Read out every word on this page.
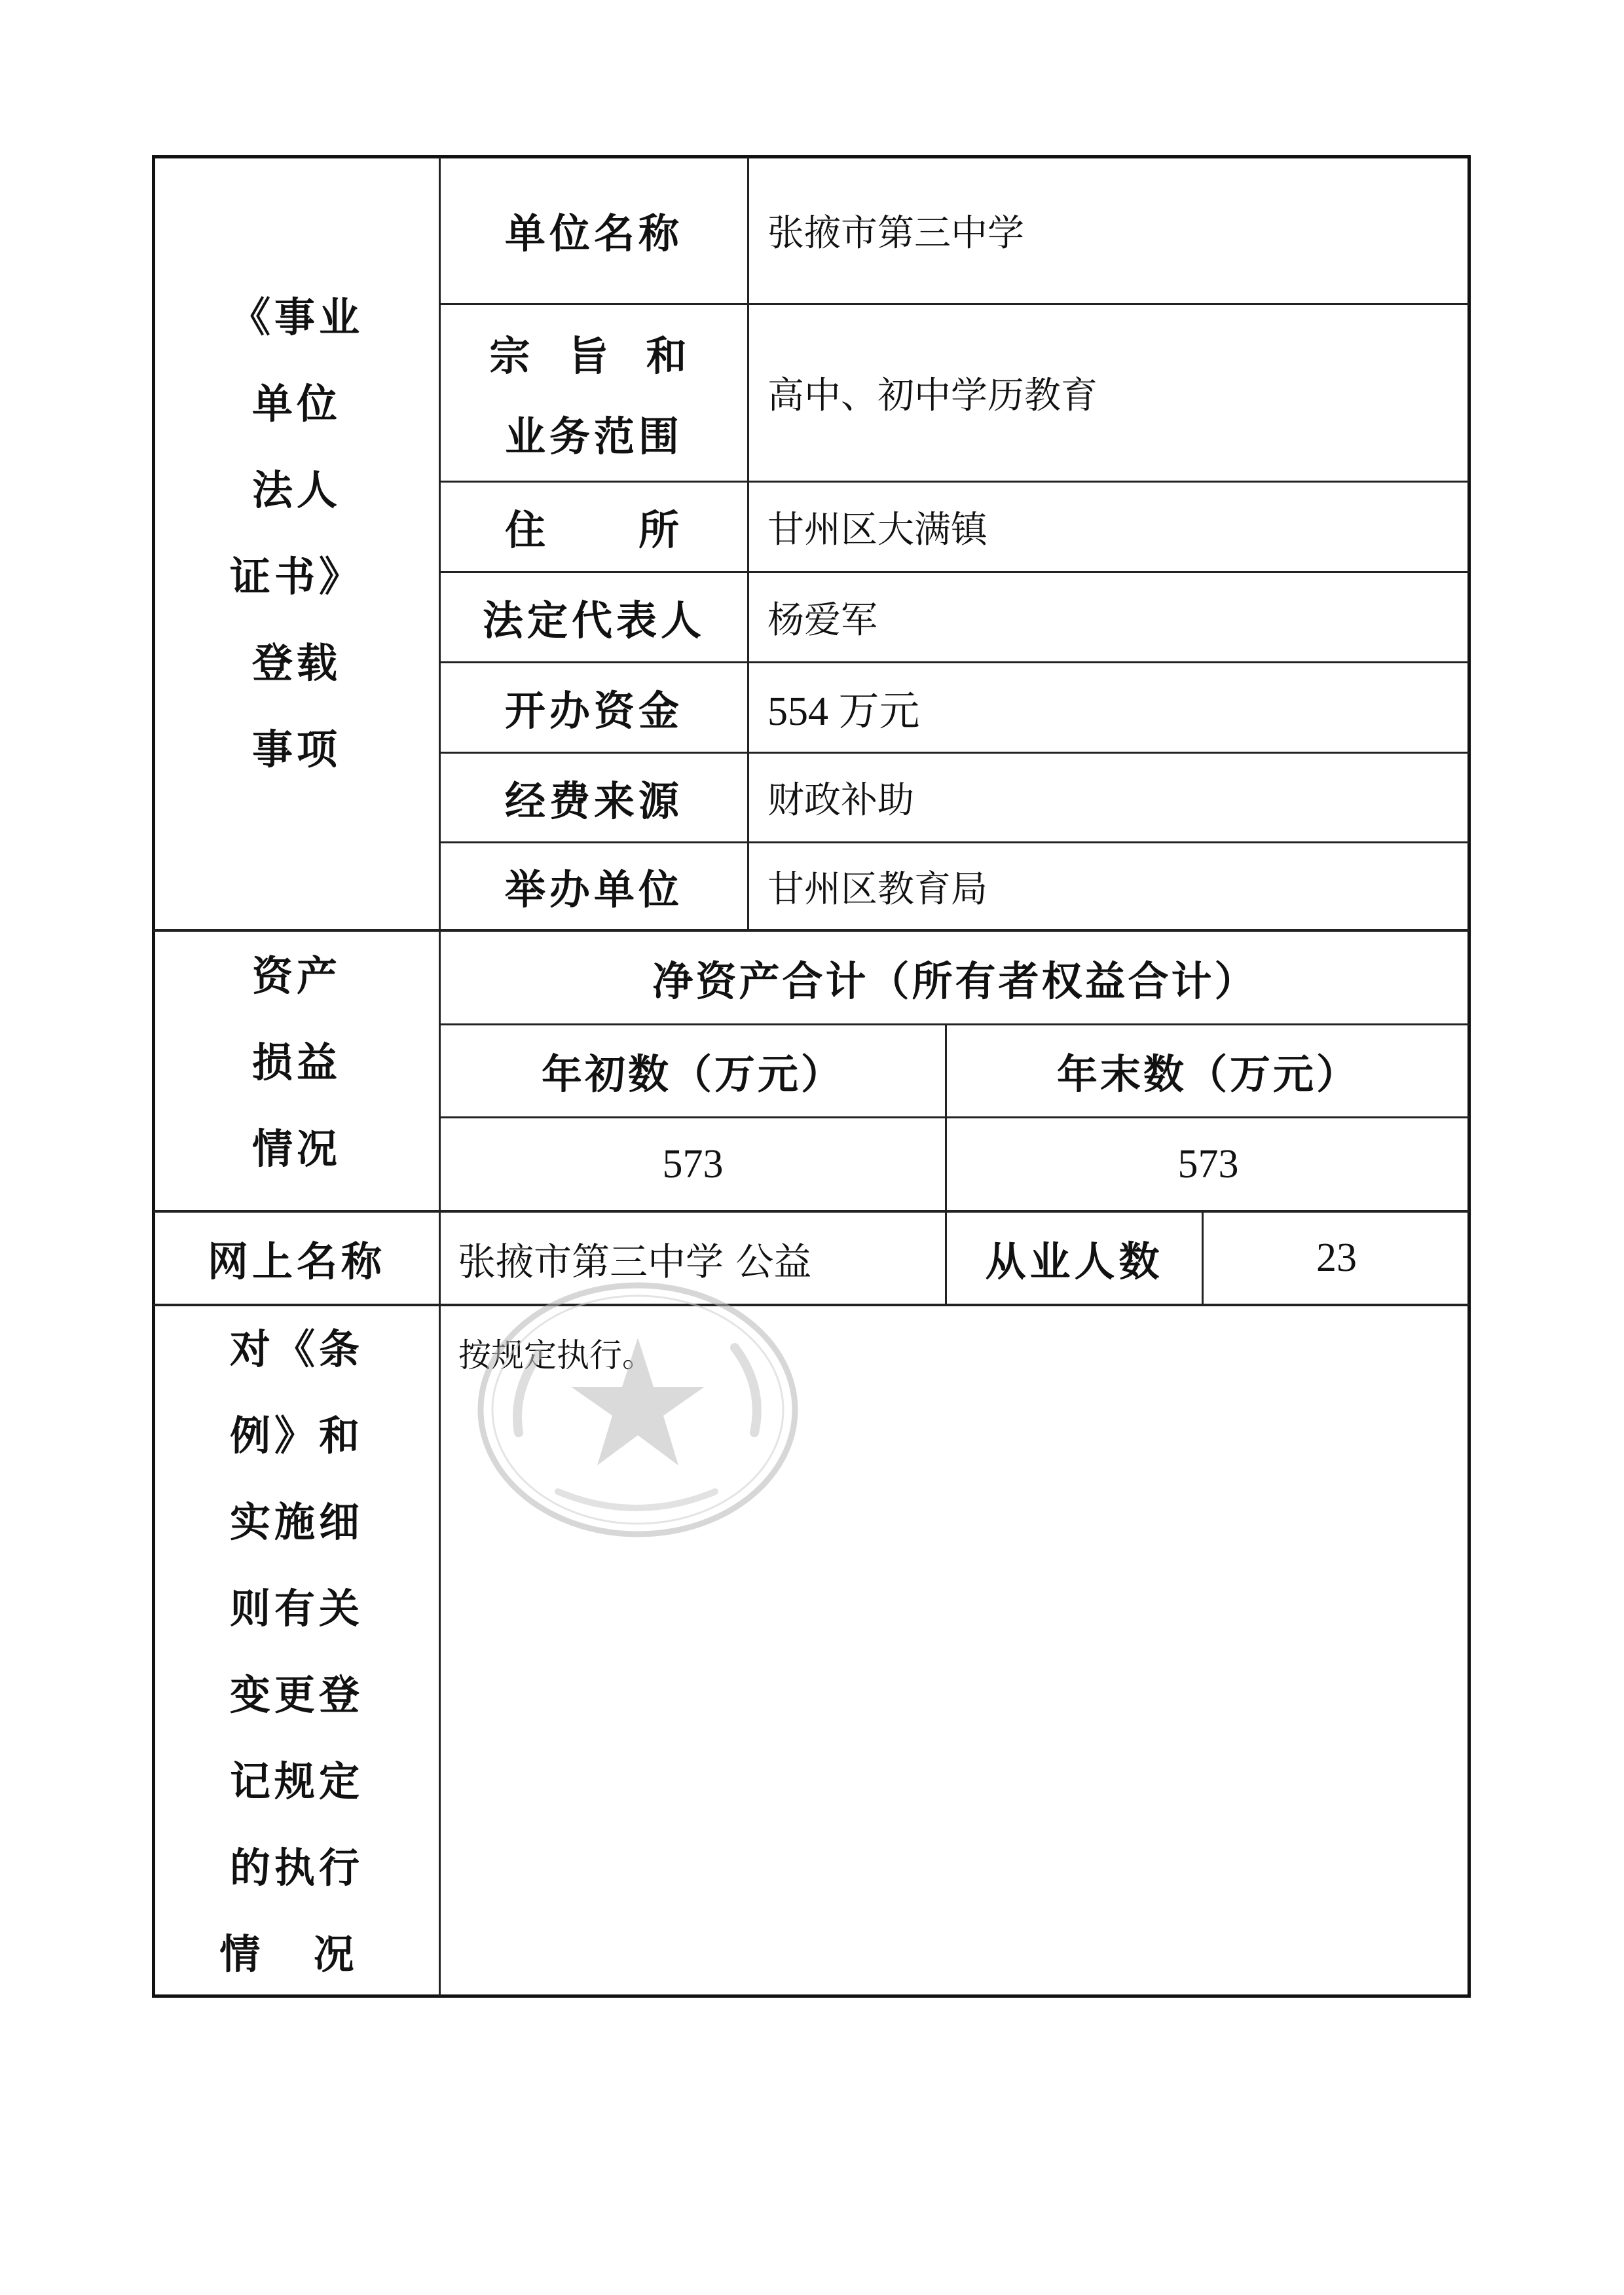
《事业
单位
法人
证书》
登载
事项
单位名称	张掖市第三中学
宗 旨 和
业务范围
高中、初中学历教育
住　　所	甘州区大满镇
法定代表人	杨爱军
开办资金	554 万元
经费来源	财政补助
举办单位	甘州区教育局
资产
损益
情况
净资产合计（所有者权益合计）
年初数（万元）	年末数（万元）
573	573
网上名称	张掖市第三中学 公益	从业人数	23
对《条
例》和
实施细
则有关
变更登
记规定
的执行
情 况
按规定执行。
